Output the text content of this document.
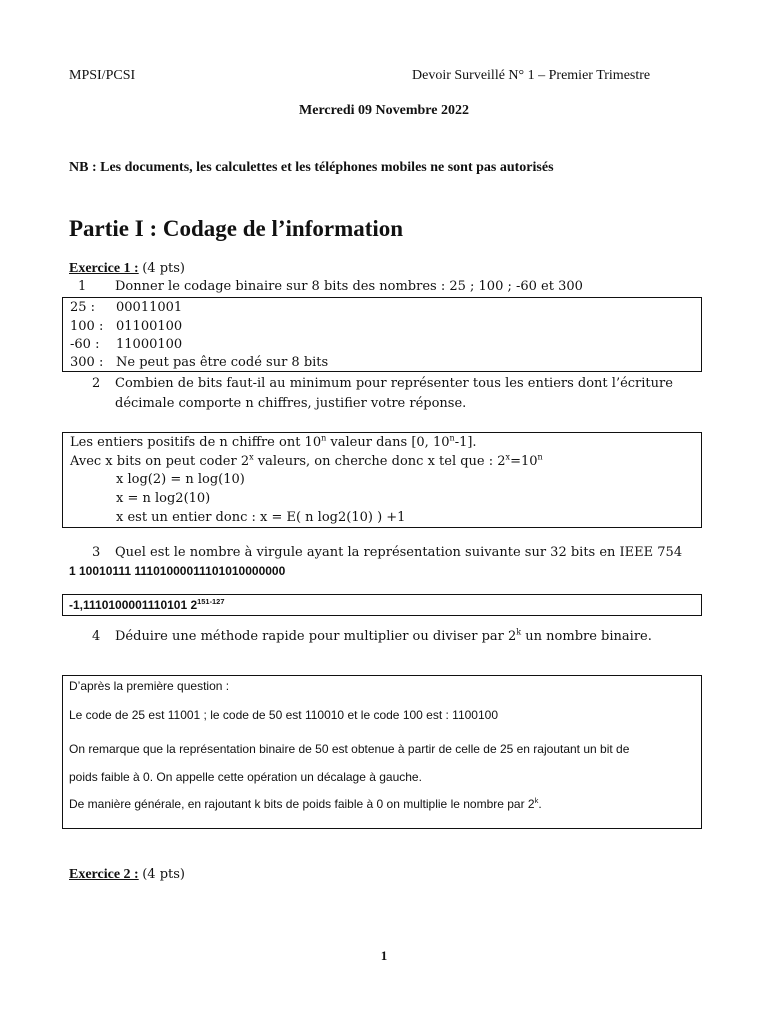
MPSI/PCSI	Devoir Surveillé N° 1 – Premier Trimestre
Mercredi 09 Novembre 2022
NB : Les documents, les calculettes et les téléphones mobiles ne sont pas autorisés
Partie I : Codage de l’information
Exercice 1 : (4 pts)
1 Donner le codage binaire sur 8 bits des nombres : 25 ; 100 ; -60 et 300
25 : 00011001
100 : 01100100
-60 : 11000100
300 : Ne peut pas être codé sur 8 bits
2 Combien de bits faut-il au minimum pour représenter tous les entiers dont l’écriture
décimale comporte n chiffres, justifier votre réponse.
Les entiers positifs de n chiffre ont 10$^n$ valeur dans [0, 10$^n$-1].
Avec x bits on peut coder 2$^x$ valeurs, on cherche donc x tel que : $2^x=10^n$
x log(2) = n log(10)
x = n log2(10)
x est un entier donc : x = E( n log2(10) ) +1
3 Quel est le nombre à virgule ayant la représentation suivante sur 32 bits en IEEE 754
1 10010111 11101000011101010000000
-1,1110100001110101 2$^{151-127}$
4 Déduire une méthode rapide pour multiplier ou diviser par 2$^k$ un nombre binaire.
D’après la première question :
Le code de 25 est 11001 ; le code de 50 est 110010 et le code 100 est : 1100100
On remarque que la représentation binaire de 50 est obtenue à partir de celle de 25 en rajoutant un bit de
poids faible à 0. On appelle cette opération un décalage à gauche.
De manière générale, en rajoutant k bits de poids faible à 0 on multiplie le nombre par 2$^k$.
Exercice 2 : (4 pts)
1
